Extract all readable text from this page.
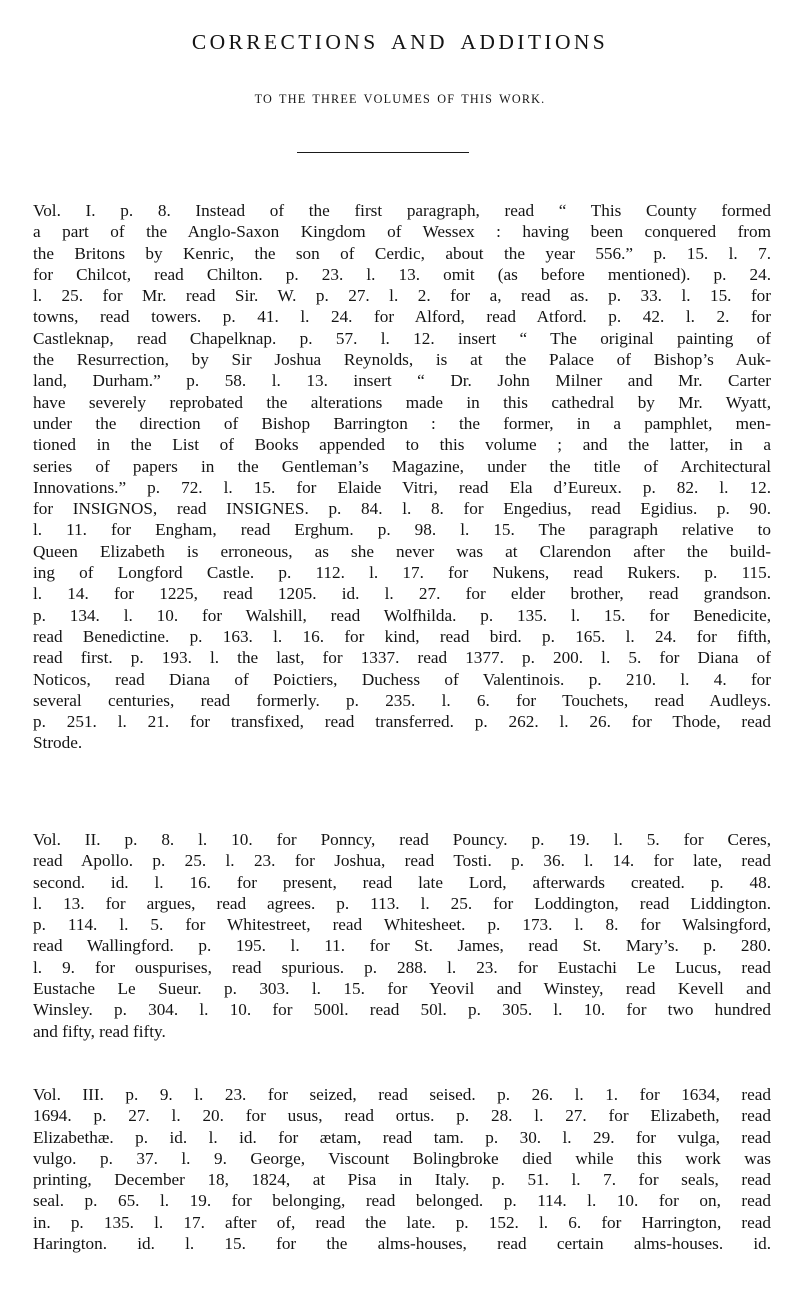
CORRECTIONS AND ADDITIONS
TO THE THREE VOLUMES OF THIS WORK.
Vol. I. p. 8. Instead of the first paragraph, read “ This County formed
a part of the Anglo-Saxon Kingdom of Wessex : having been conquered from
the Britons by Kenric, the son of Cerdic, about the year 556.” p. 15. l. 7.
for Chilcot, read Chilton. p. 23. l. 13. omit (as before mentioned). p. 24.
l. 25. for Mr. read Sir. W. p. 27. l. 2. for a, read as. p. 33. l. 15. for
towns, read towers. p. 41. l. 24. for Alford, read Atford. p. 42. l. 2. for
Castleknap, read Chapelknap. p. 57. l. 12. insert “ The original painting of
the Resurrection, by Sir Joshua Reynolds, is at the Palace of Bishop’s Auk-
land, Durham.” p. 58. l. 13. insert “ Dr. John Milner and Mr. Carter
have severely reprobated the alterations made in this cathedral by Mr. Wyatt,
under the direction of Bishop Barrington : the former, in a pamphlet, men-
tioned in the List of Books appended to this volume ; and the latter, in a
series of papers in the Gentleman’s Magazine, under the title of Architectural
Innovations.” p. 72. l. 15. for Elaide Vitri, read Ela d’Eureux. p. 82. l. 12.
for INSIGNOS, read INSIGNES. p. 84. l. 8. for Engedius, read Egidius. p. 90.
l. 11. for Engham, read Erghum. p. 98. l. 15. The paragraph relative to
Queen Elizabeth is erroneous, as she never was at Clarendon after the build-
ing of Longford Castle. p. 112. l. 17. for Nukens, read Rukers. p. 115.
l. 14. for 1225, read 1205. id. l. 27. for elder brother, read grandson.
p. 134. l. 10. for Walshill, read Wolfhilda. p. 135. l. 15. for Benedicite,
read Benedictine. p. 163. l. 16. for kind, read bird. p. 165. l. 24. for fifth,
read first. p. 193. l. the last, for 1337. read 1377. p. 200. l. 5. for Diana of
Noticos, read Diana of Poictiers, Duchess of Valentinois. p. 210. l. 4. for
several centuries, read formerly. p. 235. l. 6. for Touchets, read Audleys.
p. 251. l. 21. for transfixed, read transferred. p. 262. l. 26. for Thode, read
Strode.
Vol. II. p. 8. l. 10. for Ponncy, read Pouncy. p. 19. l. 5. for Ceres,
read Apollo. p. 25. l. 23. for Joshua, read Tosti. p. 36. l. 14. for late, read
second. id. l. 16. for present, read late Lord, afterwards created. p. 48.
l. 13. for argues, read agrees. p. 113. l. 25. for Loddington, read Liddington.
p. 114. l. 5. for Whitestreet, read Whitesheet. p. 173. l. 8. for Walsingford,
read Wallingford. p. 195. l. 11. for St. James, read St. Mary’s. p. 280.
l. 9. for ouspurises, read spurious. p. 288. l. 23. for Eustachi Le Lucus, read
Eustache Le Sueur. p. 303. l. 15. for Yeovil and Winstey, read Kevell and
Winsley. p. 304. l. 10. for 500l. read 50l. p. 305. l. 10. for two hundred
and fifty, read fifty.
Vol. III. p. 9. l. 23. for seized, read seised. p. 26. l. 1. for 1634, read
1694. p. 27. l. 20. for usus, read ortus. p. 28. l. 27. for Elizabeth, read
Elizabethæ. p. id. l. id. for ætam, read tam. p. 30. l. 29. for vulga, read
vulgo. p. 37. l. 9. George, Viscount Bolingbroke died while this work was
printing, December 18, 1824, at Pisa in Italy. p. 51. l. 7. for seals, read
seal. p. 65. l. 19. for belonging, read belonged. p. 114. l. 10. for on, read
in. p. 135. l. 17. after of, read the late. p. 152. l. 6. for Harrington, read
Harington. id. l. 15. for the alms-houses, read certain alms-houses. id.
